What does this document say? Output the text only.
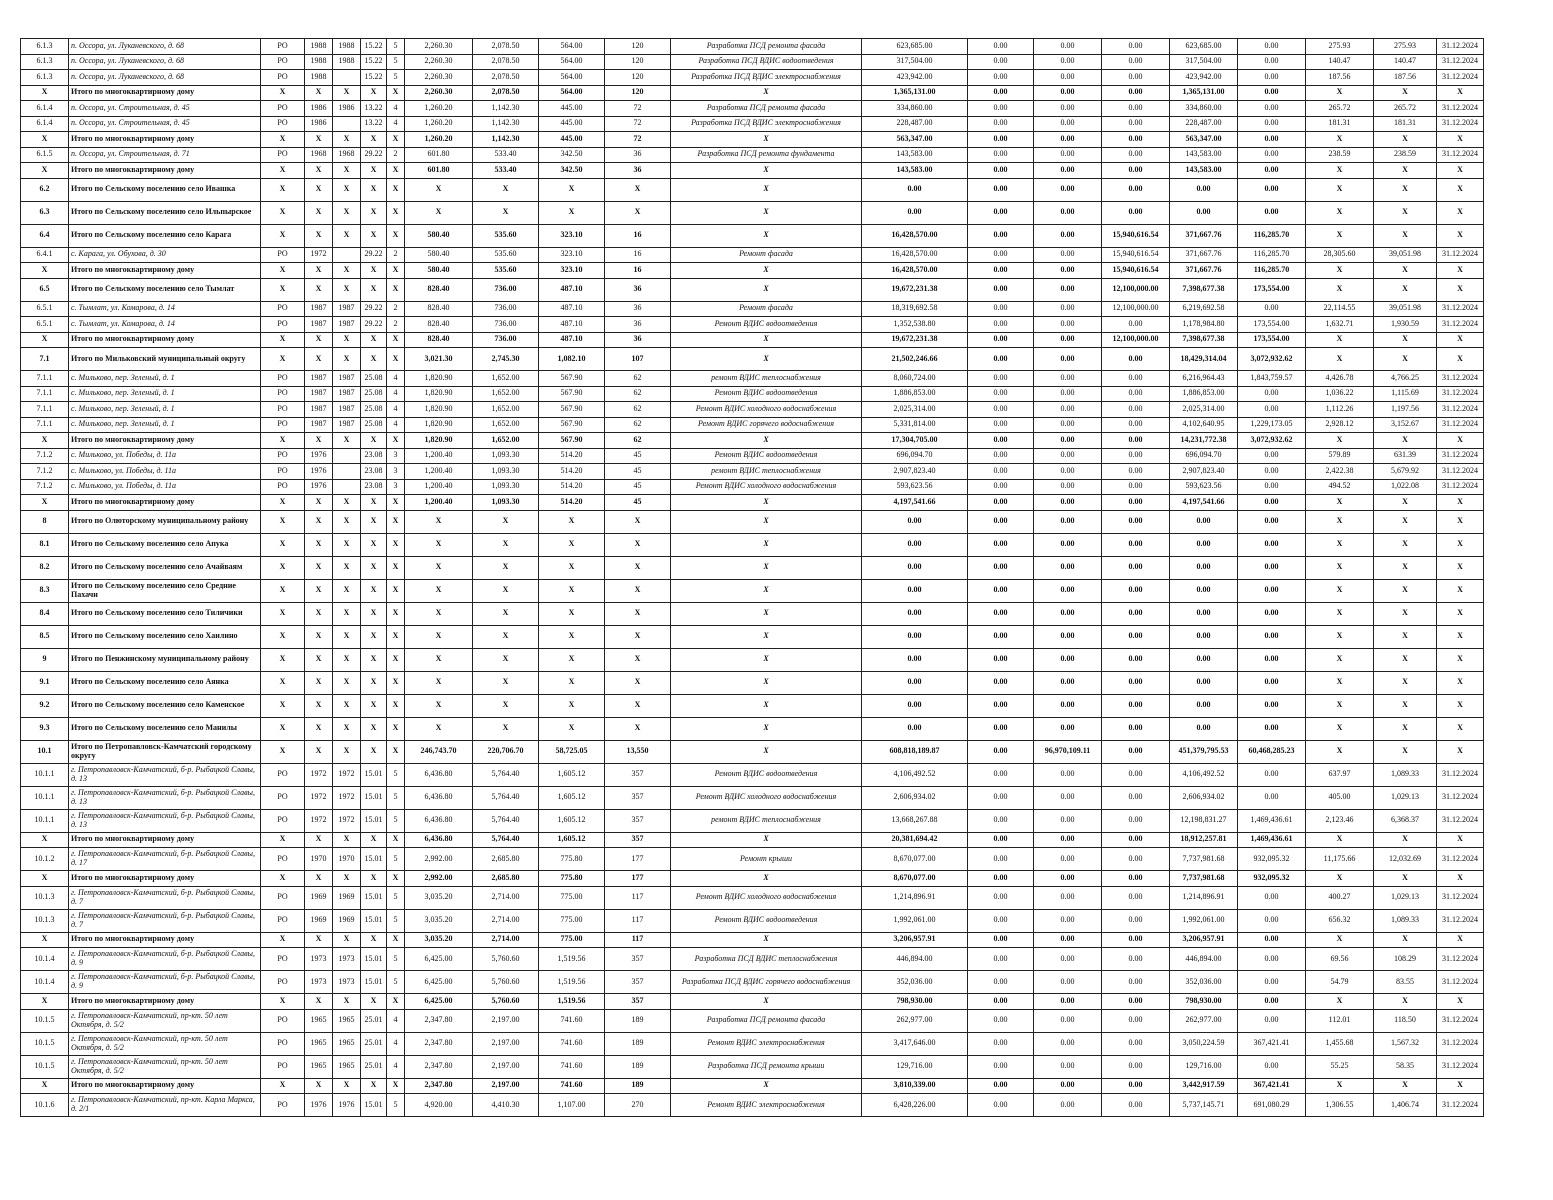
6.1.3	п. Оссора, ул. Луканевского, д. 68	РО	1988	1988	15.22	5	2,260.30	2,078.50	564.00	120	Разработка ПСД ремонта фасада	623,685.00	0.00	0.00	0.00	623,685.00	0.00	275.93	275.93	31.12.2024
6.1.3	п. Оссора, ул. Луканевского, д. 68	РО	1988	1988	15.22	5	2,260.30	2,078.50	564.00	120	Разработка ПСД ВДИС водоотведения	317,504.00	0.00	0.00	0.00	317,504.00	0.00	140.47	140.47	31.12.2024
6.1.3	п. Оссора, ул. Луканевского, д. 68	РО	1988		15.22	5	2,260.30	2,078.50	564.00	120	Разработка ПСД ВДИС электроснабжения	423,942.00	0.00	0.00	0.00	423,942.00	0.00	187.56	187.56	31.12.2024
Х	Итого по многоквартирному дому	Х	Х	Х	Х	Х	2,260.30	2,078.50	564.00	120	Х	1,365,131.00	0.00	0.00	0.00	1,365,131.00	0.00	Х	Х	Х
6.1.4	п. Оссора, ул. Строительная, д. 45	РО	1986	1986	13.22	4	1,260.20	1,142.30	445.00	72	Разработка ПСД ремонта фасада	334,860.00	0.00	0.00	0.00	334,860.00	0.00	265.72	265.72	31.12.2024
6.1.4	п. Оссора, ул. Строительная, д. 45	РО	1986		13.22	4	1,260.20	1,142.30	445.00	72	Разработка ПСД ВДИС электроснабжения	228,487.00	0.00	0.00	0.00	228,487.00	0.00	181.31	181.31	31.12.2024
Х	Итого по многоквартирному дому	Х	Х	Х	Х	Х	1,260.20	1,142.30	445.00	72	Х	563,347.00	0.00	0.00	0.00	563,347.00	0.00	Х	Х	Х
6.1.5	п. Оссора, ул. Строительная, д. 71	РО	1968	1968	29.22	2	601.80	533.40	342.50	36	Разработка ПСД ремонта фундамента	143,583.00	0.00	0.00	0.00	143,583.00	0.00	238.59	238.59	31.12.2024
Х	Итого по многоквартирному дому	Х	Х	Х	Х	Х	601.80	533.40	342.50	36	Х	143,583.00	0.00	0.00	0.00	143,583.00	0.00	Х	Х	Х
6.2	Итого по Сельскому поселению село Ивашка	Х	Х	Х	Х	Х	Х	Х	Х	Х	Х	0.00	0.00	0.00	0.00	0.00	0.00	Х	Х	Х
6.3	Итого по Сельскому поселению село Ильпырское	Х	Х	Х	Х	Х	Х	Х	Х	Х	Х	0.00	0.00	0.00	0.00	0.00	0.00	Х	Х	Х
6.4	Итого по Сельскому поселению село Карага	Х	Х	Х	Х	Х	580.40	535.60	323.10	16	Х	16,428,570.00	0.00	0.00	15,940,616.54	371,667.76	116,285.70	Х	Х	Х
6.4.1	с. Карага, ул. Обухова, д. 30	РО	1972		29.22	2	580.40	535.60	323.10	16	Ремонт фасада	16,428,570.00	0.00	0.00	15,940,616.54	371,667.76	116,285.70	28,305.60	39,051.98	31.12.2024
Х	Итого по многоквартирному дому	Х	Х	Х	Х	Х	580.40	535.60	323.10	16	Х	16,428,570.00	0.00	0.00	15,940,616.54	371,667.76	116,285.70	Х	Х	Х
6.5	Итого по Сельскому поселению село Тымлат	Х	Х	Х	Х	Х	828.40	736.00	487.10	36	Х	19,672,231.38	0.00	0.00	12,100,000.00	7,398,677.38	173,554.00	Х	Х	Х
6.5.1	с. Тымлат, ул. Комарова, д. 14	РО	1987	1987	29.22	2	828.40	736.00	487.10	36	Ремонт фасада	18,319,692.58	0.00	0.00	12,100,000.00	6,219,692.58	0.00	22,114.55	39,051.98	31.12.2024
6.5.1	с. Тымлат, ул. Комарова, д. 14	РО	1987	1987	29.22	2	828.40	736.00	487.10	36	Ремонт ВДИС водоотведения	1,352,538.80	0.00	0.00	0.00	1,178,984.80	173,554.00	1,632.71	1,930.59	31.12.2024
Х	Итого по многоквартирному дому	Х	Х	Х	Х	Х	828.40	736.00	487.10	36	Х	19,672,231.38	0.00	0.00	12,100,000.00	7,398,677.38	173,554.00	Х	Х	Х
7.1	Итого по Мильковский муниципальный округу	Х	Х	Х	Х	Х	3,021.30	2,745.30	1,082.10	107	Х	21,502,246.66	0.00	0.00	0.00	18,429,314.04	3,072,932.62	Х	Х	Х
7.1.1	с. Мильково, пер. Зеленый, д. 1	РО	1987	1987	25.08	4	1,820.90	1,652.00	567.90	62	ремонт ВДИС теплоснабжения	8,060,724.00	0.00	0.00	0.00	6,216,964.43	1,843,759.57	4,426.78	4,766.25	31.12.2024
7.1.1	с. Мильково, пер. Зеленый, д. 1	РО	1987	1987	25.08	4	1,820.90	1,652.00	567.90	62	Ремонт ВДИС водоотведения	1,886,853.00	0.00	0.00	0.00	1,886,853.00	0.00	1,036.22	1,115.69	31.12.2024
7.1.1	с. Мильково, пер. Зеленый, д. 1	РО	1987	1987	25.08	4	1,820.90	1,652.00	567.90	62	Ремонт ВДИС холодного водоснабжения	2,025,314.00	0.00	0.00	0.00	2,025,314.00	0.00	1,112.26	1,197.56	31.12.2024
7.1.1	с. Мильково, пер. Зеленый, д. 1	РО	1987	1987	25.08	4	1,820.90	1,652.00	567.90	62	Ремонт ВДИС горячего водоснабжения	5,331,814.00	0.00	0.00	0.00	4,102,640.95	1,229,173.05	2,928.12	3,152.67	31.12.2024
Х	Итого по многоквартирному дому	Х	Х	Х	Х	Х	1,820.90	1,652.00	567.90	62	Х	17,304,705.00	0.00	0.00	0.00	14,231,772.38	3,072,932.62	Х	Х	Х
7.1.2	с. Мильково, ул. Победы, д. 11а	РО	1976		23.08	3	1,200.40	1,093.30	514.20	45	Ремонт ВДИС водоотведения	696,094.70	0.00	0.00	0.00	696,094.70	0.00	579.89	631.39	31.12.2024
7.1.2	с. Мильково, ул. Победы, д. 11а	РО	1976		23.08	3	1,200.40	1,093.30	514.20	45	ремонт ВДИС теплоснабжения	2,907,823.40	0.00	0.00	0.00	2,907,823.40	0.00	2,422.38	5,679.92	31.12.2024
7.1.2	с. Мильково, ул. Победы, д. 11а	РО	1976		23.08	3	1,200.40	1,093.30	514.20	45	Ремонт ВДИС холодного водоснабжения	593,623.56	0.00	0.00	0.00	593,623.56	0.00	494.52	1,022.08	31.12.2024
Х	Итого по многоквартирному дому	Х	Х	Х	Х	Х	1,200.40	1,093.30	514.20	45	Х	4,197,541.66	0.00	0.00	0.00	4,197,541.66	0.00	Х	Х	Х
8	Итого по Олюторскому муниципальному району	Х	Х	Х	Х	Х	Х	Х	Х	Х	Х	0.00	0.00	0.00	0.00	0.00	0.00	Х	Х	Х
8.1	Итого по Сельскому поселению село Апука	Х	Х	Х	Х	Х	Х	Х	Х	Х	Х	0.00	0.00	0.00	0.00	0.00	0.00	Х	Х	Х
8.2	Итого по Сельскому поселению село Ачайваям	Х	Х	Х	Х	Х	Х	Х	Х	Х	Х	0.00	0.00	0.00	0.00	0.00	0.00	Х	Х	Х
8.3	Итого по Сельскому поселению село Средние Пахачи	Х	Х	Х	Х	Х	Х	Х	Х	Х	Х	0.00	0.00	0.00	0.00	0.00	0.00	Х	Х	Х
8.4	Итого по Сельскому поселению село Тиличики	Х	Х	Х	Х	Х	Х	Х	Х	Х	Х	0.00	0.00	0.00	0.00	0.00	0.00	Х	Х	Х
8.5	Итого по Сельскому поселению село Хаилино	Х	Х	Х	Х	Х	Х	Х	Х	Х	Х	0.00	0.00	0.00	0.00	0.00	0.00	Х	Х	Х
9	Итого по Пенжинскому муниципальному району	Х	Х	Х	Х	Х	Х	Х	Х	Х	Х	0.00	0.00	0.00	0.00	0.00	0.00	Х	Х	Х
9.1	Итого по Сельскому поселению село Аянка	Х	Х	Х	Х	Х	Х	Х	Х	Х	Х	0.00	0.00	0.00	0.00	0.00	0.00	Х	Х	Х
9.2	Итого по Сельскому поселению село Каменское	Х	Х	Х	Х	Х	Х	Х	Х	Х	Х	0.00	0.00	0.00	0.00	0.00	0.00	Х	Х	Х
9.3	Итого по Сельскому поселению село Манилы	Х	Х	Х	Х	Х	Х	Х	Х	Х	Х	0.00	0.00	0.00	0.00	0.00	0.00	Х	Х	Х
10.1	Итого по Петропавловск-Камчатский городскому округу	Х	Х	Х	Х	Х	246,743.70	220,706.70	58,725.05	13,550	Х	608,818,189.87	0.00	96,970,109.11	0.00	451,379,795.53	60,468,285.23	Х	Х	Х
10.1.1	г. Петропавловск-Камчатский, б-р. Рыбацкой Славы, д. 13	РО	1972	1972	15.01	5	6,436.80	5,764.40	1,605.12	357	Ремонт ВДИС водоотведения	4,106,492.52	0.00	0.00	0.00	4,106,492.52	0.00	637.97	1,089.33	31.12.2024
10.1.1	г. Петропавловск-Камчатский, б-р. Рыбацкой Славы, д. 13	РО	1972	1972	15.01	5	6,436.80	5,764.40	1,605.12	357	Ремонт ВДИС холодного водоснабжения	2,606,934.02	0.00	0.00	0.00	2,606,934.02	0.00	405.00	1,029.13	31.12.2024
10.1.1	г. Петропавловск-Камчатский, б-р. Рыбацкой Славы, д. 13	РО	1972	1972	15.01	5	6,436.80	5,764.40	1,605.12	357	ремонт ВДИС теплоснабжения	13,668,267.88	0.00	0.00	0.00	12,198,831.27	1,469,436.61	2,123.46	6,368.37	31.12.2024
Х	Итого по многоквартирному дому	Х	Х	Х	Х	Х	6,436.80	5,764.40	1,605.12	357	Х	20,381,694.42	0.00	0.00	0.00	18,912,257.81	1,469,436.61	Х	Х	Х
10.1.2	г. Петропавловск-Камчатский, б-р. Рыбацкой Славы, д. 17	РО	1970	1970	15.01	5	2,992.00	2,685.80	775.80	177	Ремонт крыши	8,670,077.00	0.00	0.00	0.00	7,737,981.68	932,095.32	11,175.66	12,032.69	31.12.2024
Х	Итого по многоквартирному дому	Х	Х	Х	Х	Х	2,992.00	2,685.80	775.80	177	Х	8,670,077.00	0.00	0.00	0.00	7,737,981.68	932,095.32	Х	Х	Х
10.1.3	г. Петропавловск-Камчатский, б-р. Рыбацкой Славы, д. 7	РО	1969	1969	15.01	5	3,035.20	2,714.00	775.00	117	Ремонт ВДИС холодного водоснабжения	1,214,896.91	0.00	0.00	0.00	1,214,896.91	0.00	400.27	1,029.13	31.12.2024
10.1.3	г. Петропавловск-Камчатский, б-р. Рыбацкой Славы, д. 7	РО	1969	1969	15.01	5	3,035.20	2,714.00	775.00	117	Ремонт ВДИС водоотведения	1,992,061.00	0.00	0.00	0.00	1,992,061.00	0.00	656.32	1,089.33	31.12.2024
Х	Итого по многоквартирному дому	Х	Х	Х	Х	Х	3,035.20	2,714.00	775.00	117	Х	3,206,957.91	0.00	0.00	0.00	3,206,957.91	0.00	Х	Х	Х
10.1.4	г. Петропавловск-Камчатский, б-р. Рыбацкой Славы, д. 9	РО	1973	1973	15.01	5	6,425.00	5,760.60	1,519.56	357	Разработка ПСД ВДИС теплоснабжения	446,894.00	0.00	0.00	0.00	446,894.00	0.00	69.56	108.29	31.12.2024
10.1.4	г. Петропавловск-Камчатский, б-р. Рыбацкой Славы, д. 9	РО	1973	1973	15.01	5	6,425.00	5,760.60	1,519.56	357	Разработка ПСД ВДИС горячего водоснабжения	352,036.00	0.00	0.00	0.00	352,036.00	0.00	54.79	83.55	31.12.2024
Х	Итого по многоквартирному дому	Х	Х	Х	Х	Х	6,425.00	5,760.60	1,519.56	357	Х	798,930.00	0.00	0.00	0.00	798,930.00	0.00	Х	Х	Х
10.1.5	г. Петропавловск-Камчатский, пр-кт. 50 лет Октября, д. 5/2	РО	1965	1965	25.01	4	2,347.80	2,197.00	741.60	189	Разработка ПСД ремонта фасада	262,977.00	0.00	0.00	0.00	262,977.00	0.00	112.01	118.50	31.12.2024
10.1.5	г. Петропавловск-Камчатский, пр-кт. 50 лет Октября, д. 5/2	РО	1965	1965	25.01	4	2,347.80	2,197.00	741.60	189	Ремонт ВДИС электроснабжения	3,417,646.00	0.00	0.00	0.00	3,050,224.59	367,421.41	1,455.68	1,567.32	31.12.2024
10.1.5	г. Петропавловск-Камчатский, пр-кт. 50 лет Октября, д. 5/2	РО	1965	1965	25.01	4	2,347.80	2,197.00	741.60	189	Разработка ПСД ремонта крыши	129,716.00	0.00	0.00	0.00	129,716.00	0.00	55.25	58.35	31.12.2024
Х	Итого по многоквартирному дому	Х	Х	Х	Х	Х	2,347.80	2,197.00	741.60	189	Х	3,810,339.00	0.00	0.00	0.00	3,442,917.59	367,421.41	Х	Х	Х
10.1.6	г. Петропавловск-Камчатский, пр-кт. Карла Маркса, д. 2/1	РО	1976	1976	15.01	5	4,920.00	4,410.30	1,107.00	270	Ремонт ВДИС электроснабжения	6,428,226.00	0.00	0.00	0.00	5,737,145.71	691,080.29	1,306.55	1,406.74	31.12.2024
